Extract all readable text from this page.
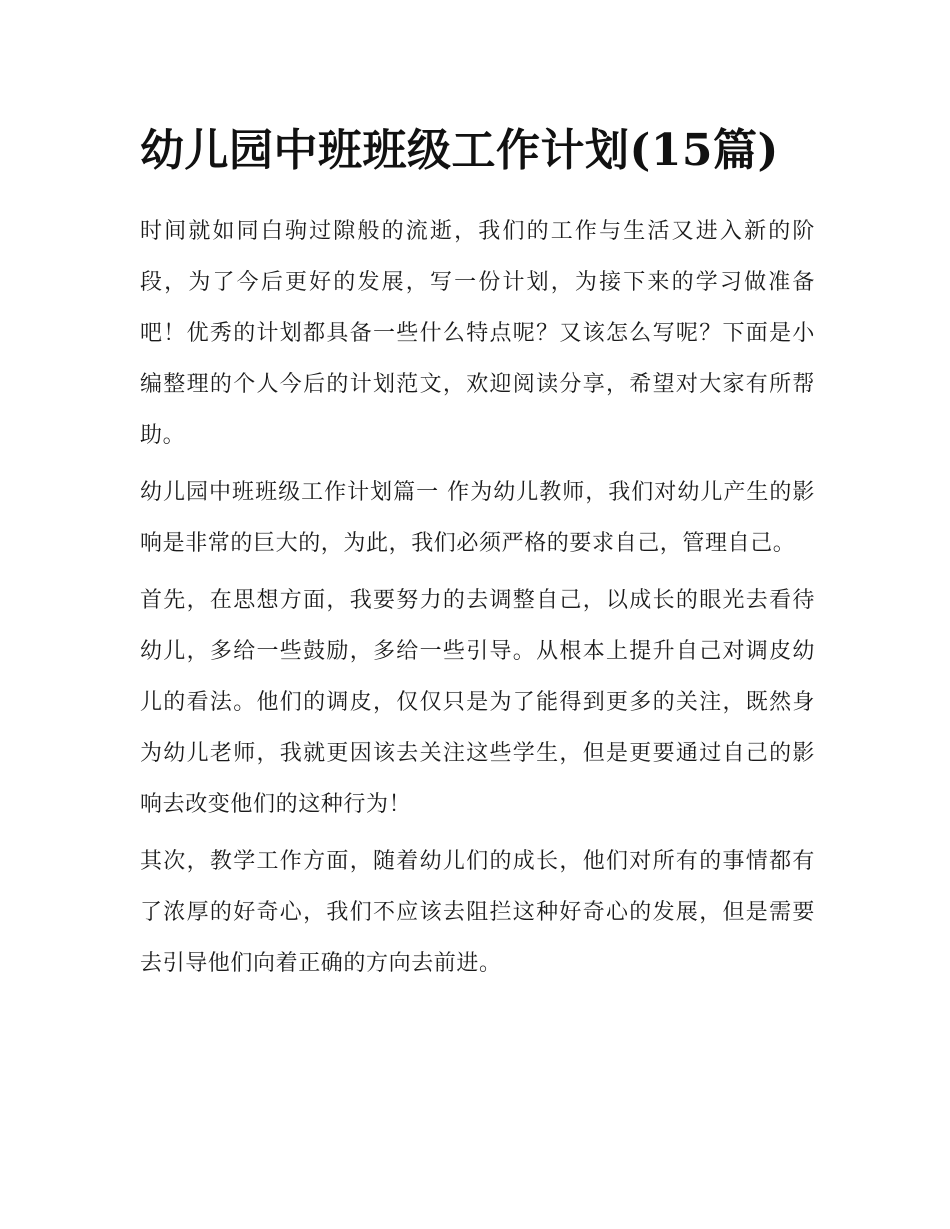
幼儿园中班班级工作计划(15篇)

时间就如同白驹过隙般的流逝，我们的工作与生活又进入新的阶段，为了今后更好的发展，写一份计划，为接下来的学习做准备吧！优秀的计划都具备一些什么特点呢？又该怎么写呢？下面是小编整理的个人今后的计划范文，欢迎阅读分享，希望对大家有所帮助。

幼儿园中班班级工作计划篇一 作为幼儿教师，我们对幼儿产生的影响是非常的巨大的，为此，我们必须严格的要求自己，管理自己。

首先，在思想方面，我要努力的去调整自己，以成长的眼光去看待幼儿，多给一些鼓励，多给一些引导。从根本上提升自己对调皮幼儿的看法。他们的调皮，仅仅只是为了能得到更多的关注，既然身为幼儿老师，我就更因该去关注这些学生，但是更要通过自己的影响去改变他们的这种行为！

其次，教学工作方面，随着幼儿们的成长，他们对所有的事情都有了浓厚的好奇心，我们不应该去阻拦这种好奇心的发展，但是需要去引导他们向着正确的方向去前进。
